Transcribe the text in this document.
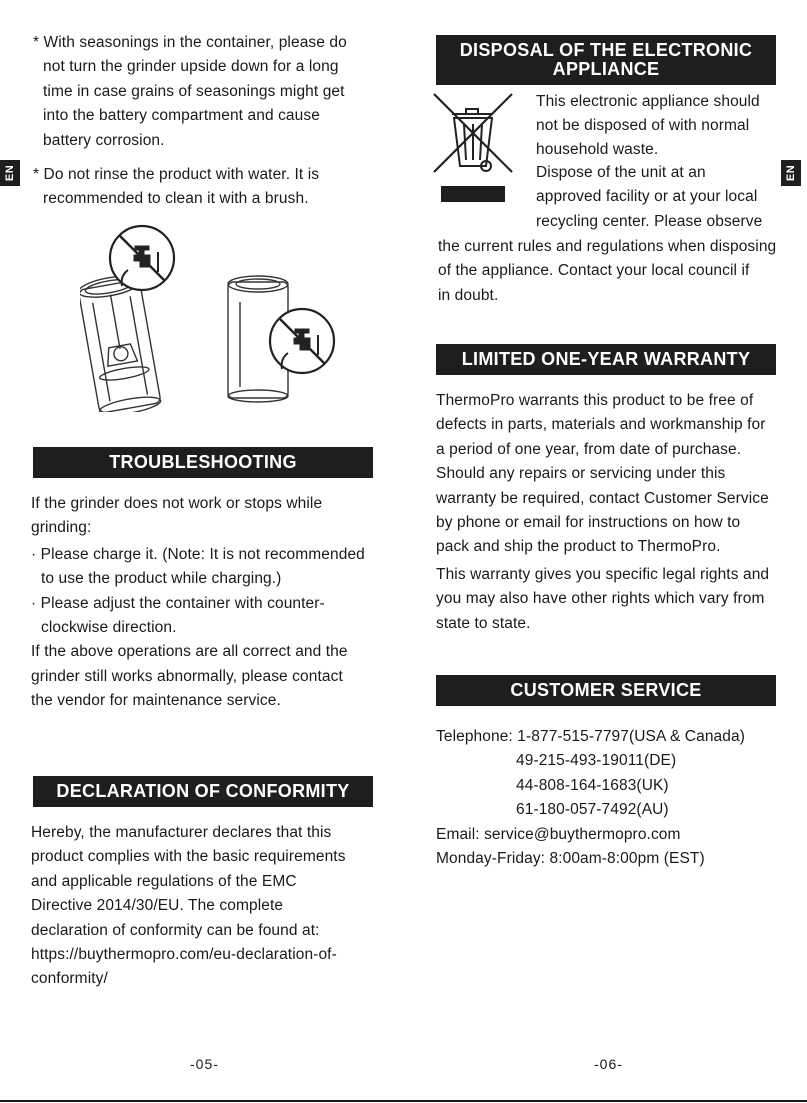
EN	EN

* With seasonings in the container, please do

not turn the grinder upside down for a long

time in case grains of seasonings might get

into the battery compartment and cause

battery corrosion.

* Do not rinse the product with water. It is

recommended to clean it with a brush.

TROUBLESHOOTING

If the grinder does not work or stops while

grinding:

· Please charge it. (Note: It is not recommended

to use the product while charging.)

· Please adjust the container with counter-

clockwise direction.

If the above operations are all correct and the

grinder still works abnormally, please contact

the vendor for maintenance service.

DECLARATION OF CONFORMITY

Hereby, the manufacturer declares that this

product complies with the basic requirements

and applicable regulations of the EMC

Directive 2014/30/EU. The complete

declaration of conformity can be found at:

https://buythermopro.com/eu-declaration-of-

conformity/

-05-
DISPOSAL OF THE ELECTRONIC
APPLIANCE

This electronic appliance should

not be disposed of with normal

household waste.

Dispose of the unit at an

approved facility or at your local

recycling center. Please observe

the current rules and regulations when disposing

of the appliance. Contact your local council if

in doubt.

LIMITED ONE-YEAR WARRANTY

ThermoPro warrants this product to be free of

defects in parts, materials and workmanship for

a period of one year, from date of purchase.

Should any repairs or servicing under this

warranty be required, contact Customer Service

by phone or email for instructions on how to

pack and ship the product to ThermoPro.

This warranty gives you specific legal rights and

you may also have other rights which vary from

state to state.

CUSTOMER SERVICE

Telephone: 1-877-515-7797(USA & Canada)

49-215-493-19011(DE)

44-808-164-1683(UK)

61-180-057-7492(AU)

Email: service@buythermopro.com

Monday-Friday: 8:00am-8:00pm (EST)

-06-
